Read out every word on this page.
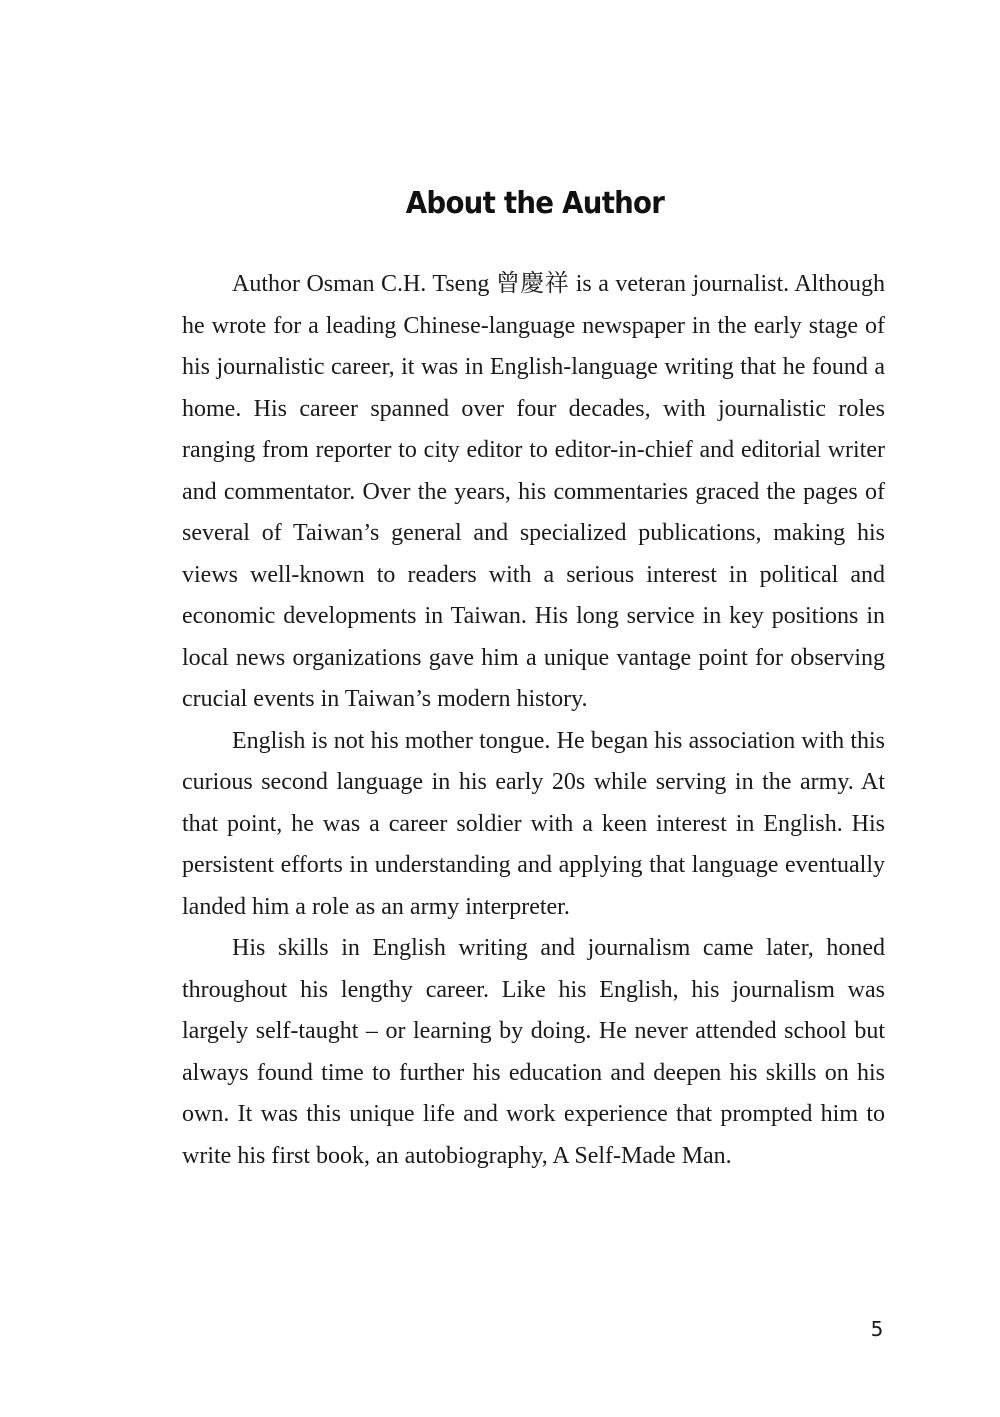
About the Author

Author Osman C.H. Tseng 曾慶祥 is a veteran journalist. Although he wrote for a leading Chinese-language newspaper in the early stage of his journalistic career, it was in English-language writing that he found a home. His career spanned over four decades, with journalistic roles ranging from reporter to city editor to editor-in-chief and editorial writer and commentator. Over the years, his commentaries graced the pages of several of Taiwan’s general and specialized publications, making his views well-known to readers with a serious interest in political and economic developments in Taiwan. His long service in key positions in local news organizations gave him a unique vantage point for observing crucial events in Taiwan’s modern history.

English is not his mother tongue. He began his association with this curious second language in his early 20s while serving in the army. At that point, he was a career soldier with a keen interest in English. His persistent efforts in understanding and applying that language eventually landed him a role as an army interpreter.

His skills in English writing and journalism came later, honed throughout his lengthy career. Like his English, his journalism was largely self-taught – or learning by doing. He never attended school but always found time to further his education and deepen his skills on his own. It was this unique life and work experience that prompted him to write his first book, an autobiography, A Self-Made Man.

5
